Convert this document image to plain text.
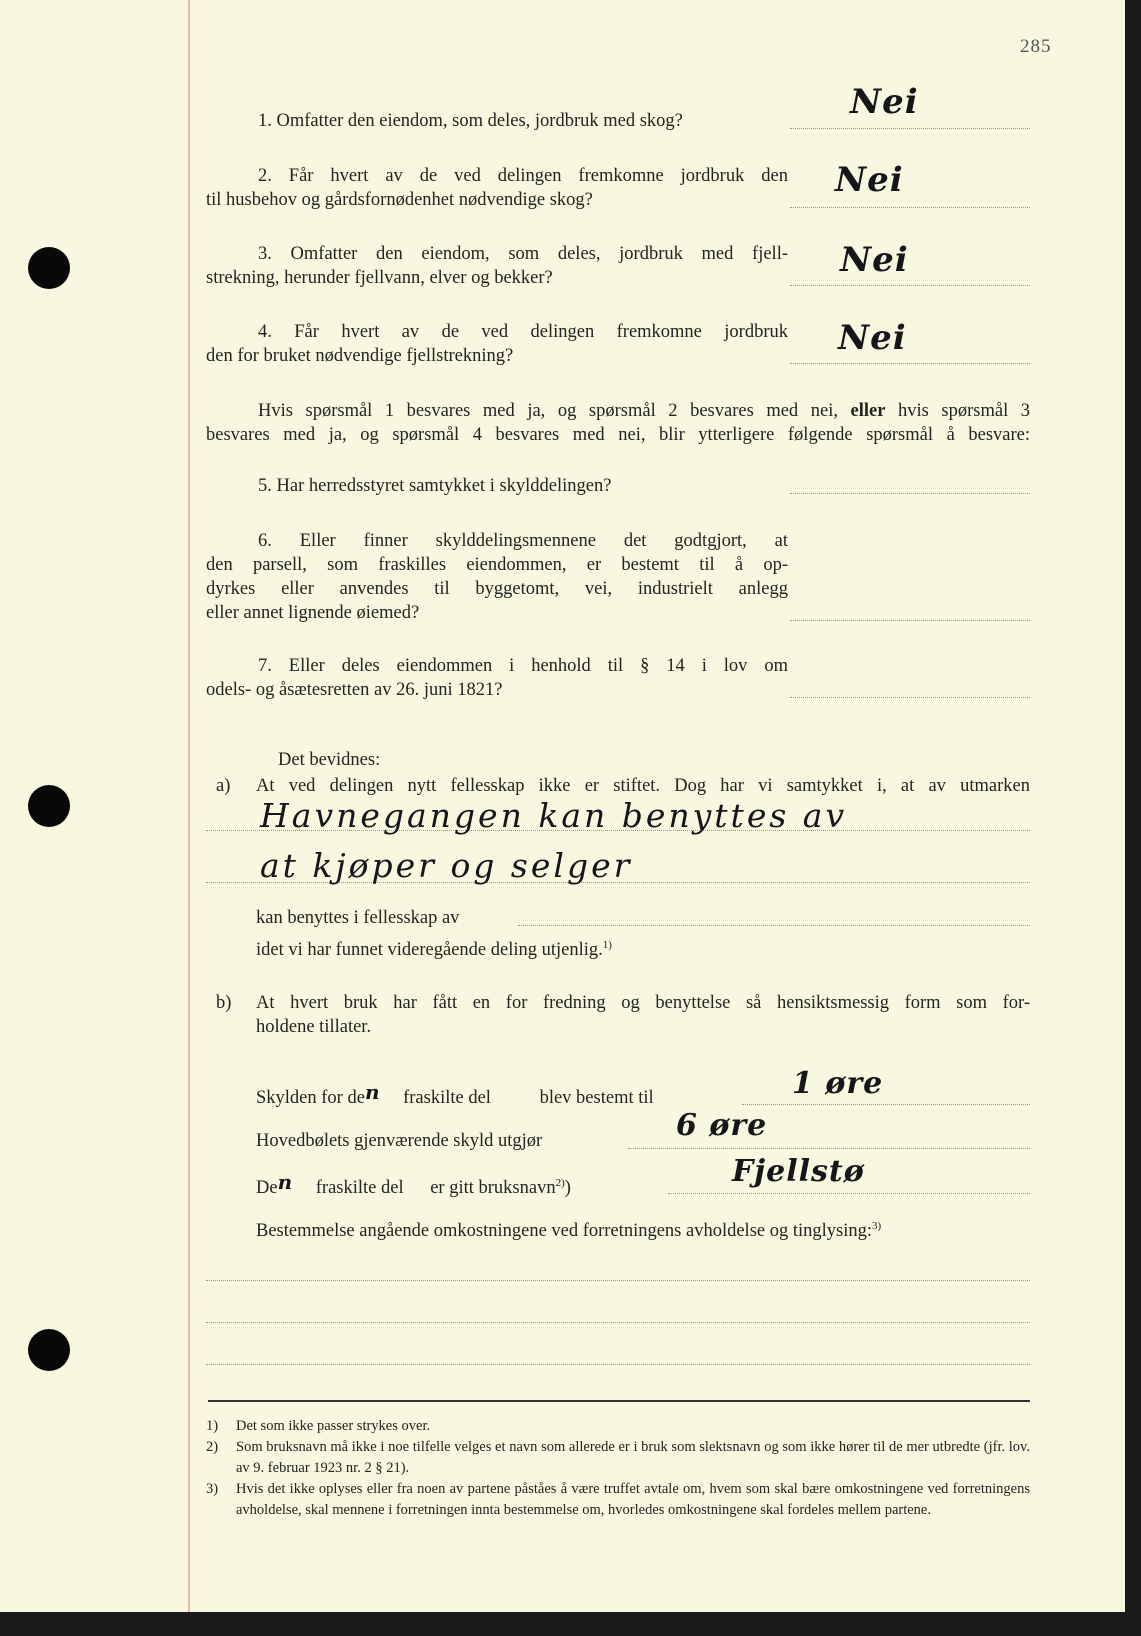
285
1. Omfatter den eiendom, som deles, jordbruk med skog?	Nei
2. Får hvert av de ved delingen fremkomne jordbruk den
til husbehov og gårdsfornødenhet nødvendige skog?	Nei
3. Omfatter den eiendom, som deles, jordbruk med fjell-
strekning, herunder fjellvann, elver og bekker?	Nei
4. Får hvert av de ved delingen fremkomne jordbruk
den for bruket nødvendige fjellstrekning?	Nei
Hvis spørsmål 1 besvares med ja, og spørsmål 2 besvares med nei, eller hvis spørsmål 3
besvares med ja, og spørsmål 4 besvares med nei, blir ytterligere følgende spørsmål å besvare:
5. Har herredsstyret samtykket i skylddelingen?
6. Eller finner skylddelingsmennene det godtgjort, at
den parsell, som fraskilles eiendommen, er bestemt til å op-
dyrkes eller anvendes til byggetomt, vei, industrielt anlegg
eller annet lignende øiemed?
7. Eller deles eiendommen i henhold til § 14 i lov om
odels- og åsætesretten av 26. juni 1821?
Det bevidnes:
a) At ved delingen nytt fellesskap ikke er stiftet. Dog har vi samtykket i, at av utmarken
Havnegangen kan benyttes av
at kjøper og selger
kan benyttes i fellesskap av
idet vi har funnet videregående deling utjenlig.$^{1)}$
b) At hvert bruk har fått en for fredning og benyttelse så hensiktsmessig form som for-
holdene tillater.
Skylden for den fraskilte del	blev bestemt til	1 øre
Hovedbølets gjenværende skyld utgjør	6 øre
Den fraskilte del er gitt bruksnavn$^{2)}$)	Fjellstø
Bestemmelse angående omkostningene ved forretningens avholdelse og tinglysing:$^{3)}$
1) Det som ikke passer strykes over.
2) Som bruksnavn må ikke i noe tilfelle velges et navn som allerede er i bruk som slektsnavn og som ikke hører til de mer utbredte (jfr. lov. av 9. februar 1923 nr. 2 § 21).
3) Hvis det ikke oplyses eller fra noen av partene påståes å være truffet avtale om, hvem som skal bære omkostningene ved forretningens avholdelse, skal mennene i forretningen innta bestemmelse om, hvorledes omkostningene skal fordeles mellem partene.
